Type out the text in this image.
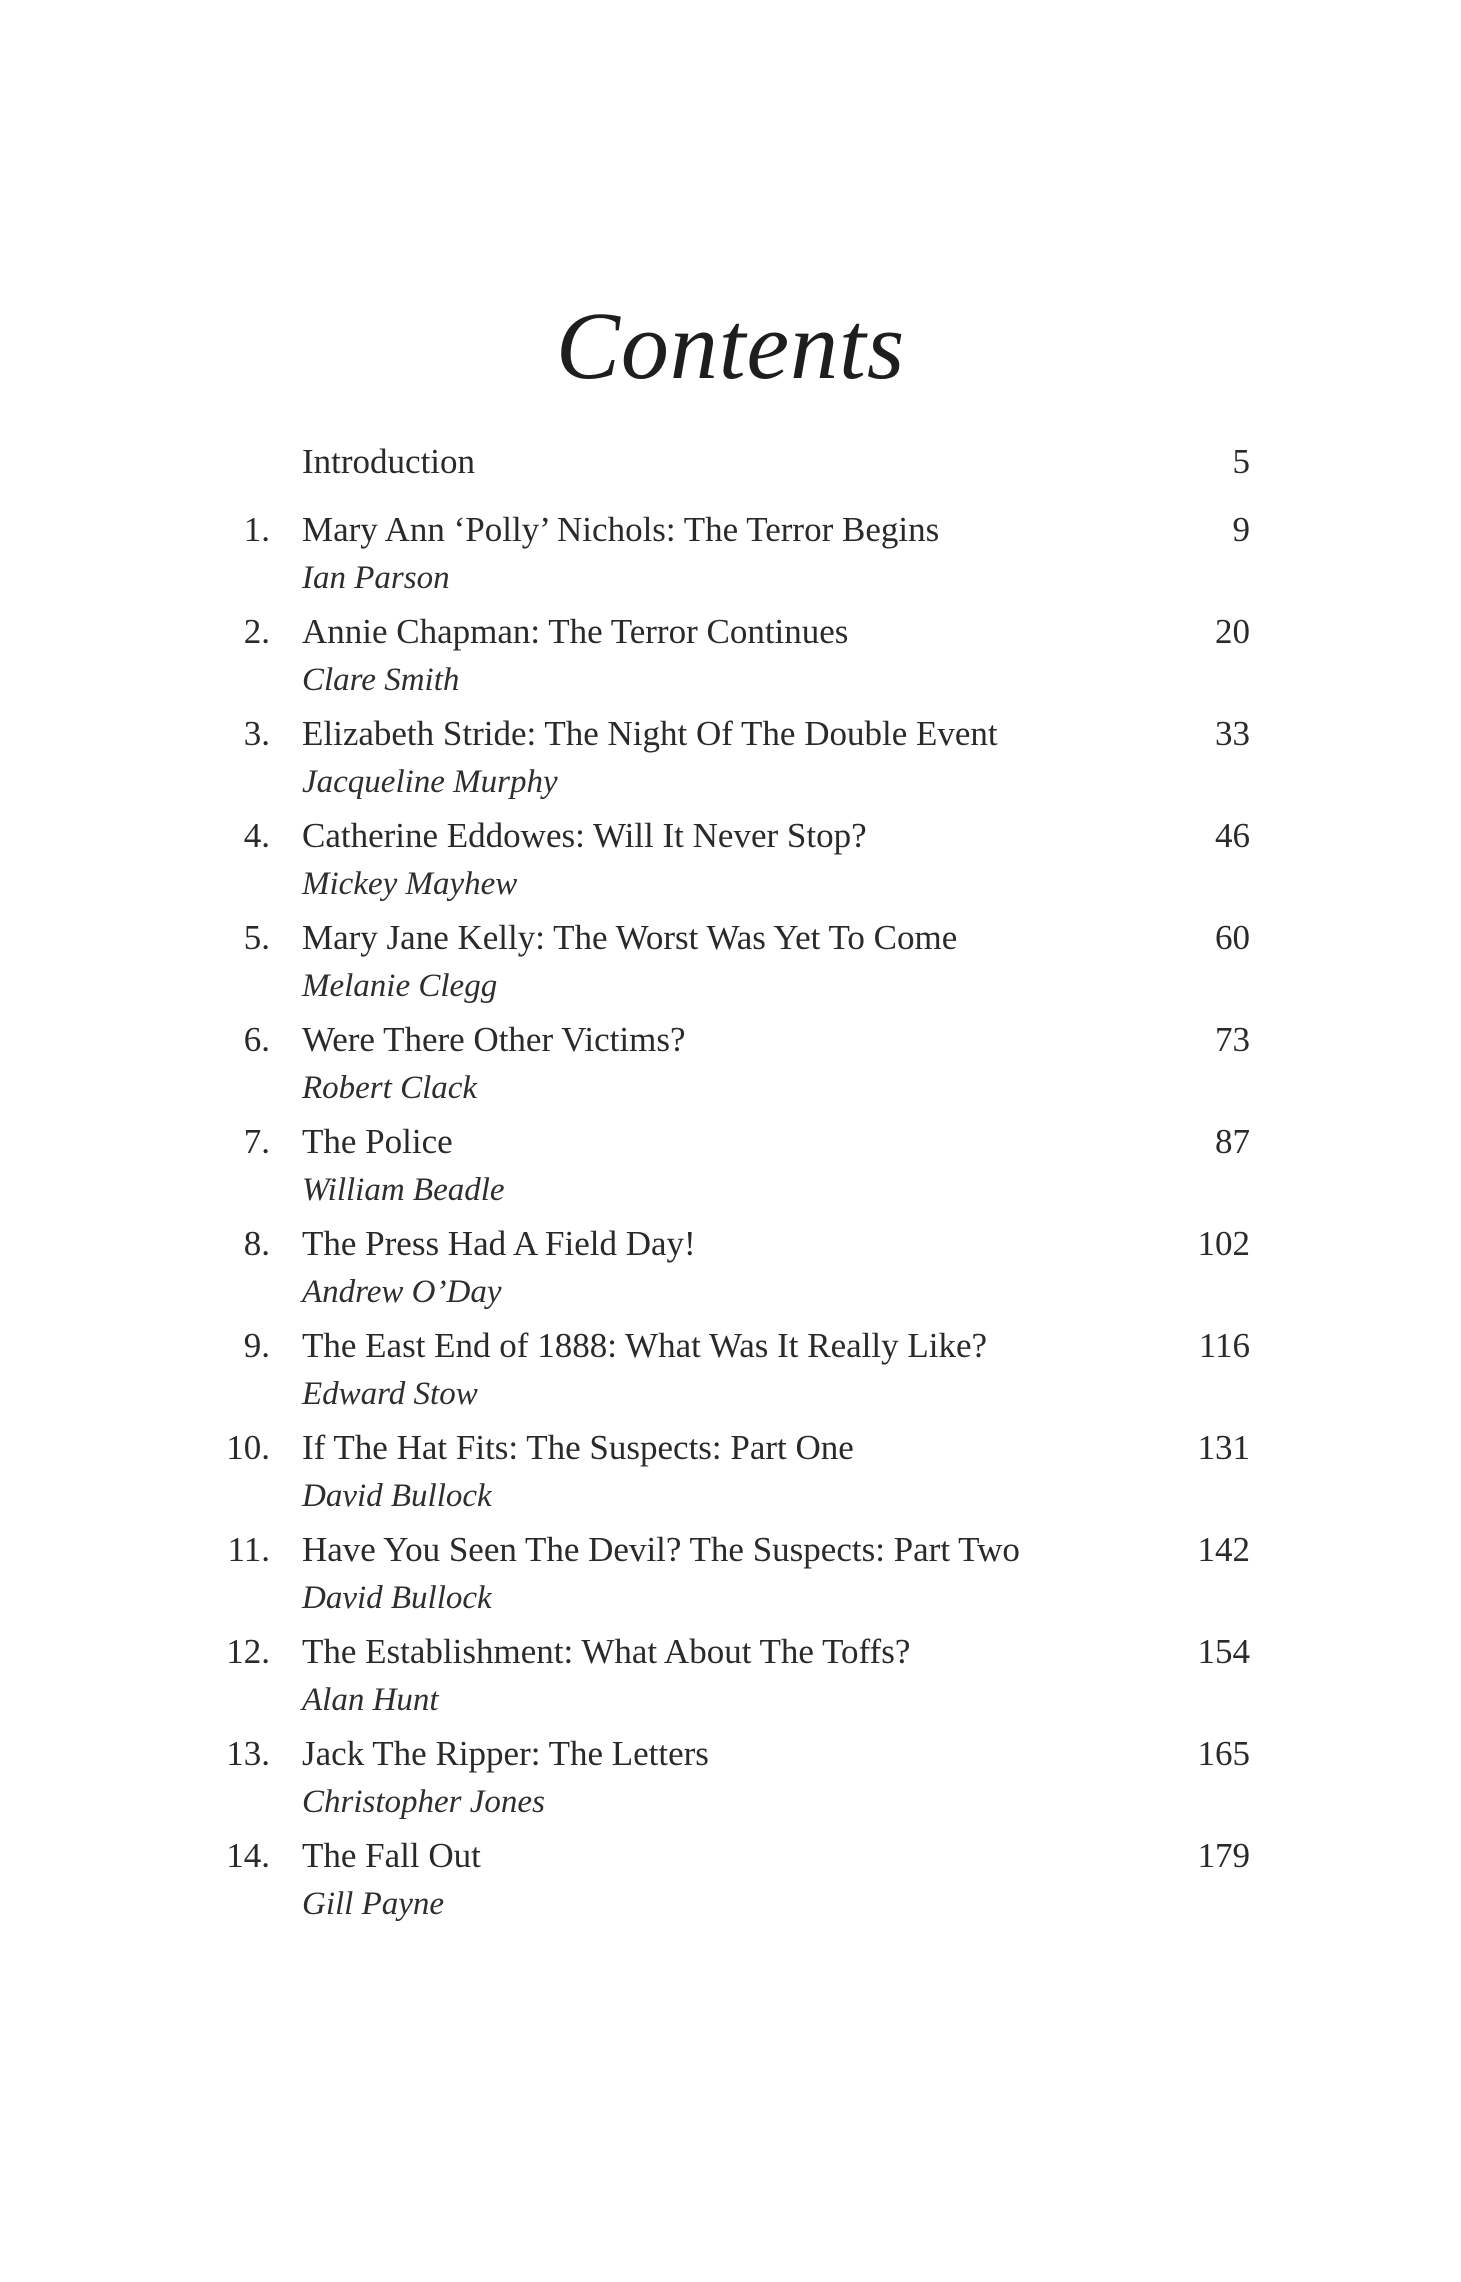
Contents
Introduction	5
1. Mary Ann ‘Polly’ Nichols: The Terror Begins	9
Ian Parson
2. Annie Chapman: The Terror Continues	20
Clare Smith
3. Elizabeth Stride: The Night Of The Double Event	33
Jacqueline Murphy
4. Catherine Eddowes: Will It Never Stop?	46
Mickey Mayhew
5. Mary Jane Kelly: The Worst Was Yet To Come	60
Melanie Clegg
6. Were There Other Victims?	73
Robert Clack
7. The Police	87
William Beadle
8. The Press Had A Field Day!	102
Andrew O’Day
9. The East End of 1888: What Was It Really Like?	116
Edward Stow
10. If The Hat Fits: The Suspects: Part One	131
David Bullock
11. Have You Seen The Devil? The Suspects: Part Two	142
David Bullock
12. The Establishment: What About The Toffs?	154
Alan Hunt
13. Jack The Ripper: The Letters	165
Christopher Jones
14. The Fall Out	179
Gill Payne
